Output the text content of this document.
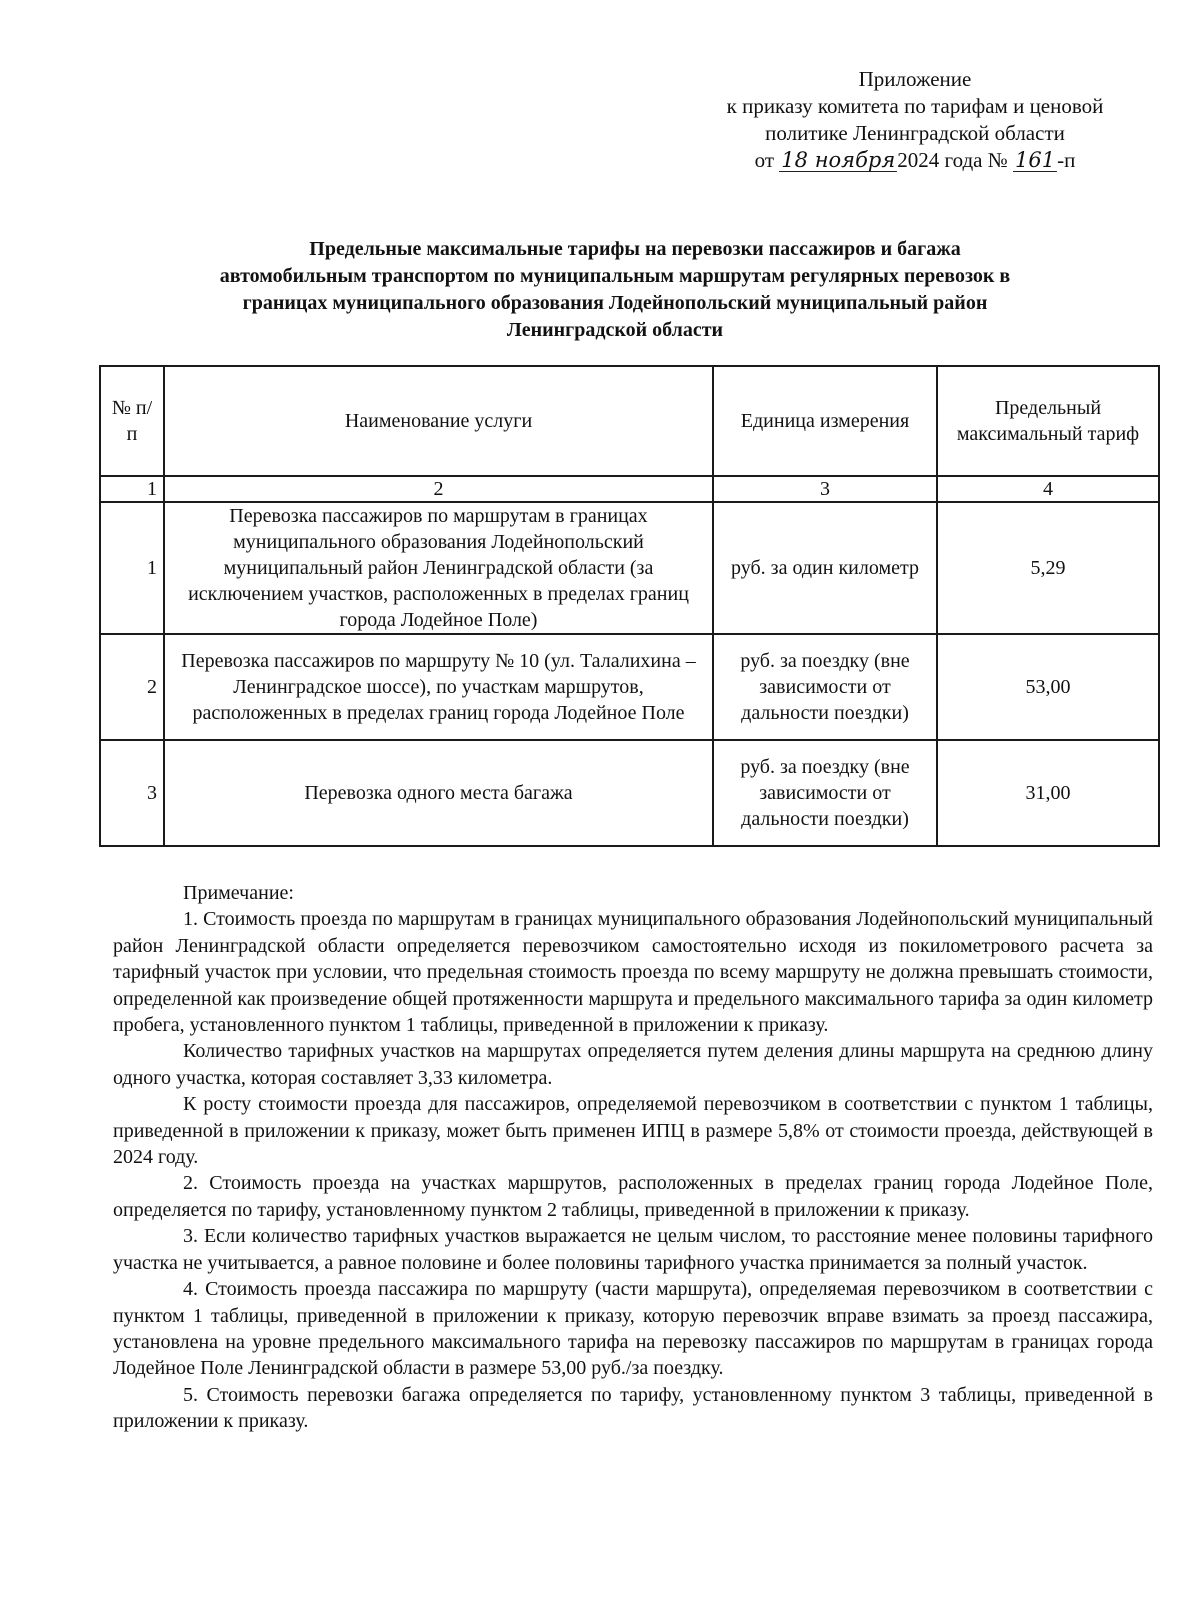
Приложение
к приказу комитета по тарифам и ценовой
политике Ленинградской области
от 18 ноября2024 года № 161-п
Предельные максимальные тарифы на перевозки пассажиров и багажа
автомобильным транспортом по муниципальным маршрутам регулярных перевозок в
границах муниципального образования Лодейнопольский муниципальный район
Ленинградской области
№ п/п	Наименование услуги	Единица измерения	Предельный максимальный тариф
1	2	3	4
1	Перевозка пассажиров по маршрутам в границах муниципального образования Лодейнопольский муниципальный район Ленинградской области (за исключением участков, расположенных в пределах границ города Лодейное Поле)	руб. за один километр	5,29
2	Перевозка пассажиров по маршруту № 10 (ул. Талалихина – Ленинградское шоссе), по участкам маршрутов, расположенных в пределах границ города Лодейное Поле	руб. за поездку (вне зависимости от дальности поездки)	53,00
3	Перевозка одного места багажа	руб. за поездку (вне зависимости от дальности поездки)	31,00
Примечание:

1. Стоимость проезда по маршрутам в границах муниципального образования Лодейнопольский муниципальный район Ленинградской области определяется перевозчиком самостоятельно исходя из покилометрового расчета за тарифный участок при условии, что предельная стоимость проезда по всему маршруту не должна превышать стоимости, определенной как произведение общей протяженности маршрута и предельного максимального тарифа за один километр пробега, установленного пунктом 1 таблицы, приведенной в приложении к приказу.

Количество тарифных участков на маршрутах определяется путем деления длины маршрута на среднюю длину одного участка, которая составляет 3,33 километра.

К росту стоимости проезда для пассажиров, определяемой перевозчиком в соответствии с пунктом 1 таблицы, приведенной в приложении к приказу, может быть применен ИПЦ в размере 5,8% от стоимости проезда, действующей в 2024 году.

2. Стоимость проезда на участках маршрутов, расположенных в пределах границ города Лодейное Поле, определяется по тарифу, установленному пунктом 2 таблицы, приведенной в приложении к приказу.

3. Если количество тарифных участков выражается не целым числом, то расстояние менее половины тарифного участка не учитывается, а равное половине и более половины тарифного участка принимается за полный участок.

4. Стоимость проезда пассажира по маршруту (части маршрута), определяемая перевозчиком в соответствии с пунктом 1 таблицы, приведенной в приложении к приказу, которую перевозчик вправе взимать за проезд пассажира, установлена на уровне предельного максимального тарифа на перевозку пассажиров по маршрутам в границах города Лодейное Поле Ленинградской области в размере 53,00 руб./за поездку.

5. Стоимость перевозки багажа определяется по тарифу, установленному пунктом 3 таблицы, приведенной в приложении к приказу.
